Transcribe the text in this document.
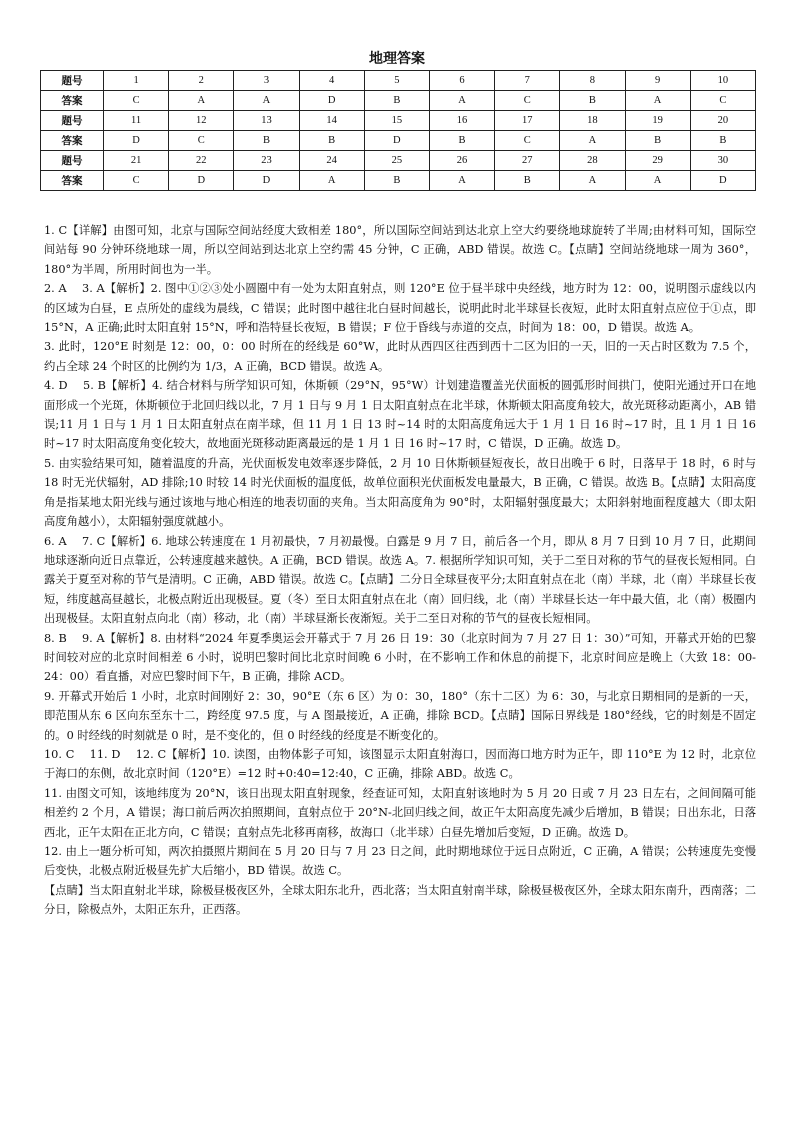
地理答案
题号	1	2	3	4	5	6	7	8	9	10
答案	C	A	A	D	B	A	C	B	A	C
题号	11	12	13	14	15	16	17	18	19	20
答案	D	C	B	B	D	B	C	A	B	B
题号	21	22	23	24	25	26	27	28	29	30
答案	C	D	D	A	B	A	B	A	A	D

1. C【详解】由图可知，北京与国际空间站经度大致相差 180°，所以国际空间站到达北京上空大约要绕地球旋转了半周;由材料可知，国际空间站每 90 分钟环绕地球一周，所以空间站到达北京上空约需 45 分钟，C 正确，ABD 错误。故选 C。【点睛】空间站绕地球一周为 360°，180°为半周，所用时间也为一半。

2. A　 3. A【解析】2. 图中①②③处小圆圈中有一处为太阳直射点，则 120°E 位于昼半球中央经线，地方时为 12：00，说明图示虚线以内的区域为白昼，E 点所处的虚线为晨线，C 错误；此时图中越往北白昼时间越长，说明此时北半球昼长夜短，此时太阳直射点应位于①点，即 15°N，A 正确;此时太阳直射 15°N，呼和浩特昼长夜短，B 错误；F 位于昏线与赤道的交点，时间为 18：00，D 错误。故选 A。

3. 此时，120°E 时刻是 12：00，0：00 时所在的经线是 60°W，此时从西四区往西到西十二区为旧的一天，旧的一天占时区数为 7.5 个，约占全球 24 个时区的比例约为 1/3，A 正确，BCD 错误。故选 A。

4. D　 5. B【解析】4. 结合材料与所学知识可知，休斯顿（29°N，95°W）计划建造覆盖光伏面板的圆弧形时间拱门，使阳光通过开口在地面形成一个光斑，休斯顿位于北回归线以北，7 月 1 日与 9 月 1 日太阳直射点在北半球，休斯顿太阳高度角较大，故光斑移动距离小，AB 错误;11 月 1 日与 1 月 1 日太阳直射点在南半球，但 11 月 1 日 13 时~14 时的太阳高度角远大于 1 月 1 日 16 时~17 时，且 1 月 1 日 16 时~17 时太阳高度角变化较大，故地面光斑移动距离最远的是 1 月 1 日 16 时~17 时，C 错误，D 正确。故选 D。

5. 由实验结果可知，随着温度的升高，光伏面板发电效率逐步降低，2 月 10 日休斯顿昼短夜长，故日出晚于 6 时，日落早于 18 时，6 时与 18 时无光伏辐射，AD 排除;10 时较 14 时光伏面板的温度低，故单位面积光伏面板发电量最大，B 正确，C 错误。故选 B。【点睛】太阳高度角是指某地太阳光线与通过该地与地心相连的地表切面的夹角。当太阳高度角为 90°时，太阳辐射强度最大；太阳斜射地面程度越大（即太阳高度角越小），太阳辐射强度就越小。

6. A　 7. C【解析】6. 地球公转速度在 1 月初最快，7 月初最慢。白露是 9 月 7 日，前后各一个月，即从 8 月 7 日到 10 月 7 日，此期间地球逐渐向近日点靠近，公转速度越来越快。A 正确，BCD 错误。故选 A。7. 根据所学知识可知，关于二至日对称的节气的昼夜长短相同。白露关于夏至对称的节气是清明。C 正确，ABD 错误。故选 C。【点睛】二分日全球昼夜平分;太阳直射点在北（南）半球，北（南）半球昼长夜短，纬度越高昼越长，北极点附近出现极昼。夏（冬）至日太阳直射点在北（南）回归线，北（南）半球昼长达一年中最大值，北（南）极圈内出现极昼。太阳直射点向北（南）移动，北（南）半球昼渐长夜渐短。关于二至日对称的节气的昼夜长短相同。

8. B　 9. A【解析】8. 由材料“2024 年夏季奥运会开幕式于 7 月 26 日 19：30（北京时间为 7 月 27 日 1：30）”可知，开幕式开始的巴黎时间较对应的北京时间相差 6 小时，说明巴黎时间比北京时间晚 6 小时，在不影响工作和休息的前提下，北京时间应是晚上（大致 18：00-24：00）看直播，对应巴黎时间下午，B 正确，排除 ACD。

9. 开幕式开始后 1 小时，北京时间刚好 2：30，90°E（东 6 区）为 0：30，180°（东十二区）为 6：30，与北京日期相同的是新的一天，即范围从东 6 区向东至东十二，跨经度 97.5 度，与 A 图最接近，A 正确，排除 BCD。【点睛】国际日界线是 180°经线，它的时刻是不固定的。0 时经线的时刻就是 0 时，是不变化的，但 0 时经线的经度是不断变化的。

10. C　 11. D　 12. C【解析】10. 读图，由物体影子可知，该图显示太阳直射海口，因而海口地方时为正午，即 110°E 为 12 时，北京位于海口的东侧，故北京时间（120°E）=12 时+0:40=12:40，C 正确，排除 ABD。故选 C。

11. 由图文可知，该地纬度为 20°N，该日出现太阳直射现象，经查证可知，太阳直射该地时为 5 月 20 日或 7 月 23 日左右，之间间隔可能相差约 2 个月，A 错误；海口前后两次拍照期间，直射点位于 20°N-北回归线之间，故正午太阳高度先减少后增加，B 错误；日出东北，日落西北，正午太阳在正北方向，C 错误；直射点先北移再南移，故海口（北半球）白昼先增加后变短，D 正确。故选 D。

12. 由上一题分析可知，两次拍摄照片期间在 5 月 20 日与 7 月 23 日之间，此时期地球位于远日点附近，C 正确，A 错误；公转速度先变慢后变快，北极点附近极昼先扩大后缩小，BD 错误。故选 C。

【点睛】当太阳直射北半球，除极昼极夜区外，全球太阳东北升，西北落；当太阳直射南半球，除极昼极夜区外，全球太阳东南升，西南落；二分日，除极点外，太阳正东升，正西落。
